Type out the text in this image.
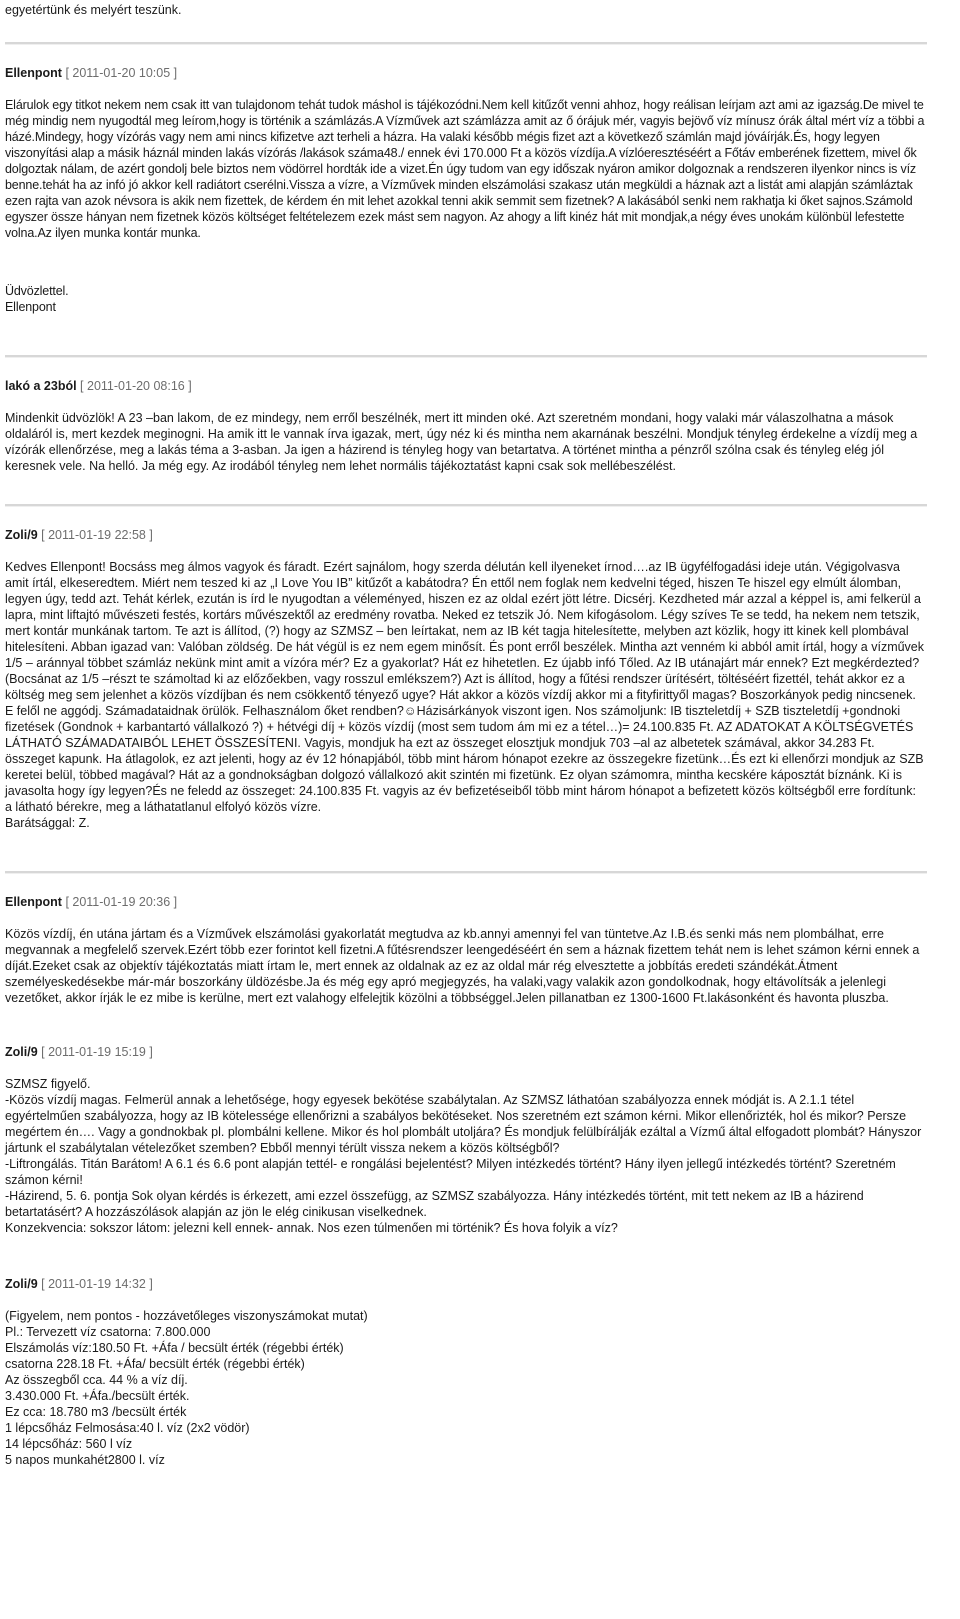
egyetértünk és melyért teszünk.

Ellenpont [ 2011-01-20 10:05 ]

Elárulok egy titkot nekem nem csak itt van tulajdonom tehát tudok máshol is tájékozódni.Nem kell kitűzőt venni ahhoz, hogy reálisan leírjam azt ami az igazság.De mivel te még mindig nem nyugodtál meg leírom,hogy is történik a számlázás.A Vízművek azt számlázza amit az ő órájuk mér, vagyis bejövő víz mínusz órák által mért víz a többi a házé.Mindegy, hogy vízórás vagy nem ami nincs kifizetve azt terheli a házra. Ha valaki később mégis fizet azt a következő számlán majd jóváírják.És, hogy legyen viszonyítási alap a másik háznál minden lakás vízórás /lakások száma48./ ennek évi 170.000 Ft a közös vízdíja.A vízlóeresztéséért a Főtáv emberének fizettem, mivel ők dolgoztak nálam, de azért gondolj bele biztos nem vödörrel hordták ide a vizet.Én úgy tudom van egy időszak nyáron amikor dolgoznak a rendszeren ilyenkor nincs is víz benne.tehát ha az infó jó akkor kell radiátort cserélni.Vissza a vízre, a Vízművek minden elszámolási szakasz után megküldi a háznak azt a listát ami alapján számláztak ezen rajta van azok névsora is akik nem fizettek, de kérdem én mit lehet azokkal tenni akik semmit sem fizetnek? A lakásából senki nem rakhatja ki őket sajnos.Számold egyszer össze hányan nem fizetnek közös költséget feltételezem ezek mást sem nagyon. Az ahogy a lift kinéz hát mit mondjak,a négy éves unokám különbül lefestette volna.Az ilyen munka kontár munka.

Üdvözlettel.

Ellenpont

lakó a 23ból [ 2011-01-20 08:16 ]

Mindenkit üdvözlök! A 23 –ban lakom, de ez mindegy, nem erről beszélnék, mert itt minden oké. Azt szeretném mondani, hogy valaki már válaszolhatna a mások oldaláról is, mert kezdek meginogni. Ha amik itt le vannak írva igazak, mert, úgy néz ki és mintha nem akarnának beszélni. Mondjuk tényleg érdekelne a vízdíj meg a vízórák ellenőrzése, meg a lakás téma a 3-asban. Ja igen a házirend is tényleg hogy van betartatva. A történet mintha a pénzről szólna csak és tényleg elég jól keresnek vele. Na helló. Ja még egy. Az irodából tényleg nem lehet normális tájékoztatást kapni csak sok mellébeszélést.

Zoli/9 [ 2011-01-19 22:58 ]

Kedves Ellenpont! Bocsáss meg álmos vagyok és fáradt. Ezért sajnálom, hogy szerda délután kell ilyeneket írnod….az IB ügyfélfogadási ideje után. Végigolvasva amit írtál, elkeseredtem. Miért nem teszed ki az „I Love You IB” kitűzőt a kabátodra? Én ettől nem foglak nem kedvelni téged, hiszen Te hiszel egy elmúlt álomban, legyen úgy, tedd azt. Tehát kérlek, ezután is írd le nyugodtan a véleményed, hiszen ez az oldal ezért jött létre. Dicsérj. Kezdheted már azzal a képpel is, ami felkerül a lapra, mint liftajtó művészeti festés, kortárs művészektől az eredmény rovatba. Neked ez tetszik Jó. Nem kifogásolom. Légy szíves Te se tedd, ha nekem nem tetszik, mert kontár munkának tartom. Te azt is állítod, (?) hogy az SZMSZ – ben leírtakat, nem az IB két tagja hitelesítette, melyben azt közlik, hogy itt kinek kell plombával hitelesíteni. Abban igazad van: Valóban zöldség. De hát végül is ez nem egem minősít. És pont erről beszélek. Mintha azt venném ki abból amit írtál, hogy a vízművek 1/5 – aránnyal többet számláz nekünk mint amit a vízóra mér? Ez a gyakorlat? Hát ez hihetetlen. Ez újabb infó Tőled. Az IB utánajárt már ennek? Ezt megkérdezted?(Bocsánat az 1/5 –részt te számoltad ki az előzőekben, vagy rosszul emlékszem?) Azt is állítod, hogy a fűtési rendszer ürítésért, töltéséért fizettél, tehát akkor ez a költség meg sem jelenhet a közös vízdíjban és nem csökkentő tényező ugye? Hát akkor a közös vízdíj akkor mi a fityfirittyől magas? Boszorkányok pedig nincsenek. E felől ne aggódj. Számadataidnak örülök. Felhasználom őket rendben?☺Házisárkányok viszont igen. Nos számoljunk: IB tiszteletdíj + SZB tiszteletdíj +gondnoki fizetések (Gondnok + karbantartó vállalkozó ?) + hétvégi díj + közös vízdíj (most sem tudom ám mi ez a tétel…)= 24.100.835 Ft. AZ ADATOKAT A KÖLTSÉGVETÉS LÁTHATÓ SZÁMADATAIBÓL LEHET ÖSSZESÍTENI. Vagyis, mondjuk ha ezt az összeget elosztjuk mondjuk 703 –al az albetetek számával, akkor 34.283 Ft. összeget kapunk. Ha átlagolok, ez azt jelenti, hogy az év 12 hónapjából, több mint három hónapot ezekre az összegekre fizetünk…És ezt ki ellenőrzi mondjuk az SZB keretei belül, többed magával? Hát az a gondnokságban dolgozó vállalkozó akit szintén mi fizetünk. Ez olyan számomra, mintha kecskére káposztát bíznánk. Ki is javasolta hogy így legyen?És ne feledd az összeget: 24.100.835 Ft. vagyis az év befizetéseiből több mint három hónapot a befizetett közös költségből erre fordítunk: a látható bérekre, meg a láthatatlanul elfolyó közös vízre.

Barátsággal: Z.

Ellenpont [ 2011-01-19 20:36 ]

Közös vízdíj, én utána jártam és a Vízművek elszámolási gyakorlatát megtudva az kb.annyi amennyi fel van tüntetve.Az I.B.és senki más nem plombálhat, erre megvannak a megfelelő szervek.Ezért több ezer forintot kell fizetni.A fűtésrendszer leengedéséért én sem a háznak fizettem tehát nem is lehet számon kérni ennek a díját.Ezeket csak az objektív tájékoztatás miatt írtam le, mert ennek az oldalnak az ez az oldal már rég elvesztette a jobbítás eredeti szándékát.Átment személyeskedésekbe már-már boszorkány üldözésbe.Ja és még egy apró megjegyzés, ha valaki,vagy valakik azon gondolkodnak, hogy eltávolítsák a jelenlegi vezetőket, akkor írják le ez mibe is kerülne, mert ezt valahogy elfelejtik közölni a többséggel.Jelen pillanatban ez 1300-1600 Ft.lakásonként és havonta pluszba.

Zoli/9 [ 2011-01-19 15:19 ]

SZMSZ figyelő.

-Közös vízdíj magas. Felmerül annak a lehetősége, hogy egyesek bekötése szabálytalan. Az SZMSZ láthatóan szabályozza ennek módját is. A 2.1.1 tétel egyértelműen szabályozza, hogy az IB kötelessége ellenőrizni a szabályos bekötéseket. Nos szeretném ezt számon kérni. Mikor ellenőrizték, hol és mikor? Persze megértem én…. Vagy a gondnokbak pl. plombálni kellene. Mikor és hol plombált utoljára? És mondjuk felülbírálják ezáltal a Vízmű által elfogadott plombát? Hányszor jártunk el szabálytalan vételezőket szemben? Ebből mennyi térült vissza nekem a közös költségből?

-Liftrongálás. Titán Barátom! A 6.1 és 6.6 pont alapján tettél- e rongálási bejelentést? Milyen intézkedés történt? Hány ilyen jellegű intézkedés történt? Szeretném számon kérni!

-Házirend, 5. 6. pontja Sok olyan kérdés is érkezett, ami ezzel összefügg, az SZMSZ szabályozza. Hány intézkedés történt, mit tett nekem az IB a házirend betartatásért? A hozzászólások alapján az jön le elég cinikusan viselkednek.

Konzekvencia: sokszor látom: jelezni kell ennek- annak. Nos ezen túlmenően mi történik? És hova folyik a víz?

Zoli/9 [ 2011-01-19 14:32 ]

(Figyelem, nem pontos - hozzávetőleges viszonyszámokat mutat)

Pl.: Tervezett víz csatorna: 7.800.000

Elszámolás víz:180.50 Ft. +Áfa / becsült érték (régebbi érték)

csatorna 228.18 Ft. +Áfa/ becsült érték (régebbi érték)

Az összegből cca. 44 % a víz díj.

3.430.000 Ft. +Áfa./becsült érték.

Ez cca: 18.780 m3 /becsült érték

1 lépcsőház Felmosása:40 l. víz (2x2 vödör)

14 lépcsőház: 560 l víz

5 napos munkahét2800 l. víz
